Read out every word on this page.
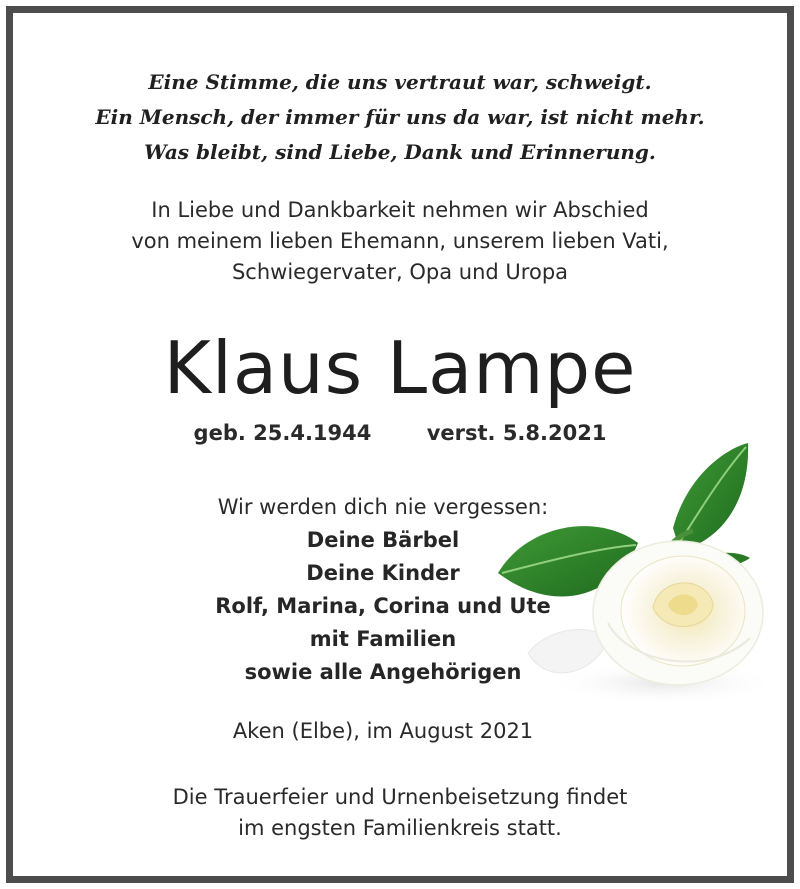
Eine Stimme, die uns vertraut war, schweigt.
Ein Mensch, der immer für uns da war, ist nicht mehr.
Was bleibt, sind Liebe, Dank und Erinnerung.
In Liebe und Dankbarkeit nehmen wir Abschied
von meinem lieben Ehemann, unserem lieben Vati,
Schwiegervater, Opa und Uropa
Klaus Lampe
geb. 25.4.1944	verst. 5.8.2021
Wir werden dich nie vergessen:
Deine Bärbel
Deine Kinder
Rolf, Marina, Corina und Ute
mit Familien
sowie alle Angehörigen
Aken (Elbe), im August 2021
Die Trauerfeier und Urnenbeisetzung findet
im engsten Familienkreis statt.
